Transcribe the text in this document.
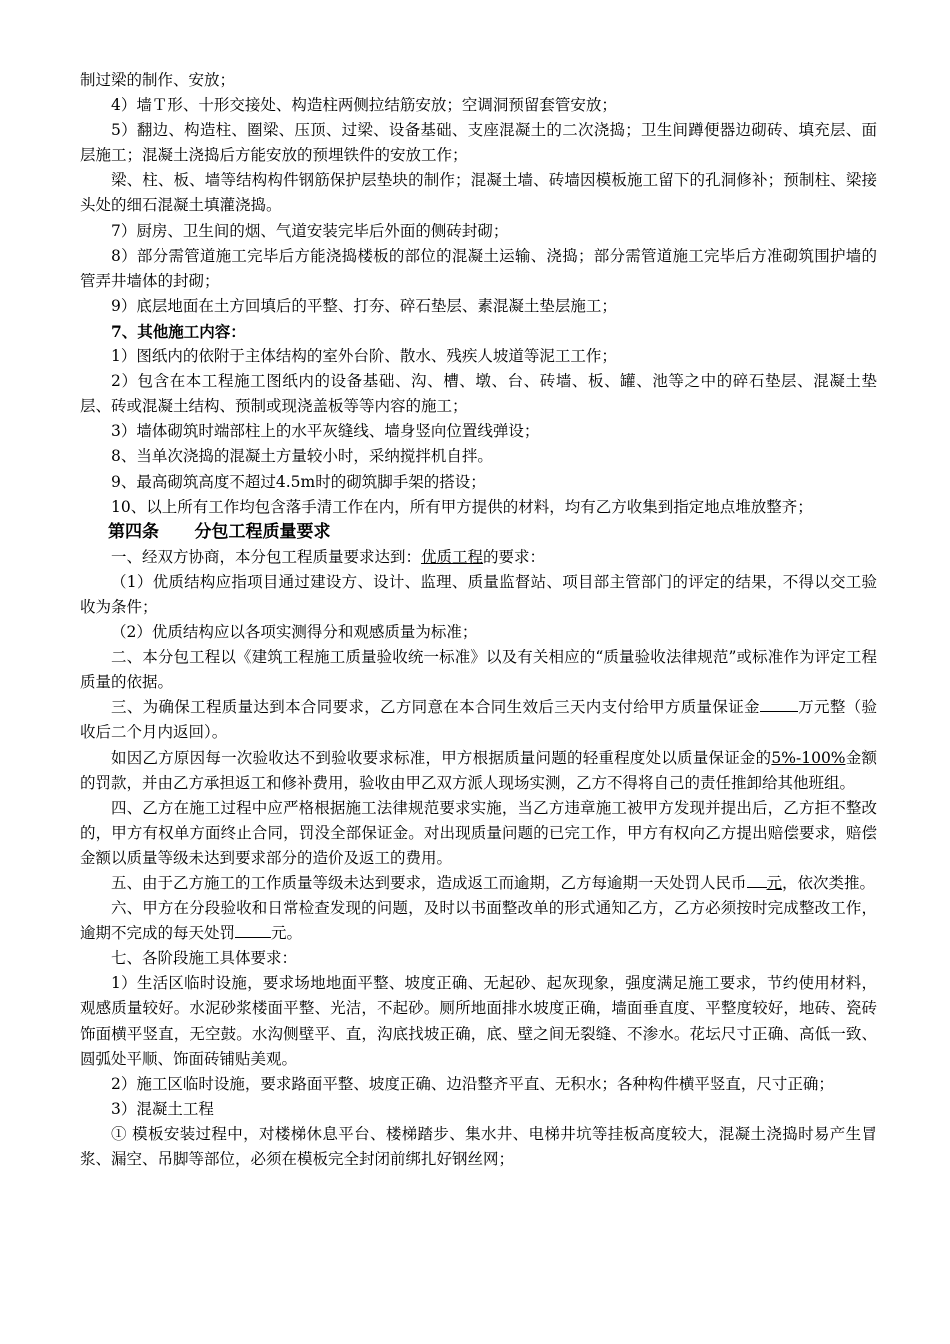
制过梁的制作、安放；

4）墙Ｔ形、十形交接处、构造柱两侧拉结筋安放；空调洞预留套管安放；

5）翻边、构造柱、圈梁、压顶、过梁、设备基础、支座混凝土的二次浇捣；卫生间蹲便器边砌砖、填充层、面层施工；混凝土浇捣后方能安放的预埋铁件的安放工作；

梁、柱、板、墙等结构构件钢筋保护层垫块的制作；混凝土墙、砖墙因模板施工留下的孔洞修补；预制柱、梁接头处的细石混凝土填灌浇捣。

7）厨房、卫生间的烟、气道安装完毕后外面的侧砖封砌；

8）部分需管道施工完毕后方能浇捣楼板的部位的混凝土运输、浇捣；部分需管道施工完毕后方准砌筑围护墙的管弄井墙体的封砌；

9）底层地面在土方回填后的平整、打夯、碎石垫层、素混凝土垫层施工；

7、其他施工内容：

1）图纸内的依附于主体结构的室外台阶、散水、残疾人坡道等泥工工作；

2）包含在本工程施工图纸内的设备基础、沟、槽、墩、台、砖墙、板、罐、池等之中的碎石垫层、混凝土垫层、砖或混凝土结构、预制或现浇盖板等等内容的施工；

3）墙体砌筑时端部柱上的水平灰缝线、墙身竖向位置线弹设；

8、当单次浇捣的混凝土方量较小时，采纳搅拌机自拌。

9、最高砌筑高度不超过4.5m时的砌筑脚手架的搭设；

10、以上所有工作均包含落手清工作在内，所有甲方提供的材料，均有乙方收集到指定地点堆放整齐；

第四条      分包工程质量要求

一、经双方协商，本分包工程质量要求达到：优质工程的要求：

（1）优质结构应指项目通过建设方、设计、监理、质量监督站、项目部主管部门的评定的结果，不得以交工验收为条件；

（2）优质结构应以各项实测得分和观感质量为标准；

二、本分包工程以《建筑工程施工质量验收统一标准》以及有关相应的“质量验收法律规范”或标准作为评定工程质量的依据。

三、为确保工程质量达到本合同要求，乙方同意在本合同生效后三天内支付给甲方质量保证金 万元整（验收后二个月内返回）。

如因乙方原因每一次验收达不到验收要求标准，甲方根据质量问题的轻重程度处以质量保证金的5%-100%金额的罚款，并由乙方承担返工和修补费用，验收由甲乙双方派人现场实测，乙方不得将自己的责任推卸给其他班组。

四、乙方在施工过程中应严格根据施工法律规范要求实施，当乙方违章施工被甲方发现并提出后，乙方拒不整改的，甲方有权单方面终止合同，罚没全部保证金。对出现质量问题的已完工作，甲方有权向乙方提出赔偿要求，赔偿金额以质量等级未达到要求部分的造价及返工的费用。

五、由于乙方施工的工作质量等级未达到要求，造成返工而逾期，乙方每逾期一天处罚人民币 元，依次类推。

六、甲方在分段验收和日常检查发现的问题，及时以书面整改单的形式通知乙方，乙方必须按时完成整改工作，逾期不完成的每天处罚 元。

七、各阶段施工具体要求：

1）生活区临时设施，要求场地地面平整、坡度正确、无起砂、起灰现象，强度满足施工要求，节约使用材料，观感质量较好。水泥砂浆楼面平整、光洁，不起砂。厕所地面排水坡度正确，墙面垂直度、平整度较好，地砖、瓷砖饰面横平竖直，无空鼓。水沟侧壁平、直，沟底找坡正确，底、壁之间无裂缝、不渗水。花坛尺寸正确、高低一致、圆弧处平顺、饰面砖铺贴美观。

2）施工区临时设施，要求路面平整、坡度正确、边沿整齐平直、无积水；各种构件横平竖直，尺寸正确；

3）混凝土工程

① 模板安装过程中，对楼梯休息平台、楼梯踏步、集水井、电梯井坑等挂板高度较大，混凝土浇捣时易产生冒浆、漏空、吊脚等部位，必须在模板完全封闭前绑扎好钢丝网；
